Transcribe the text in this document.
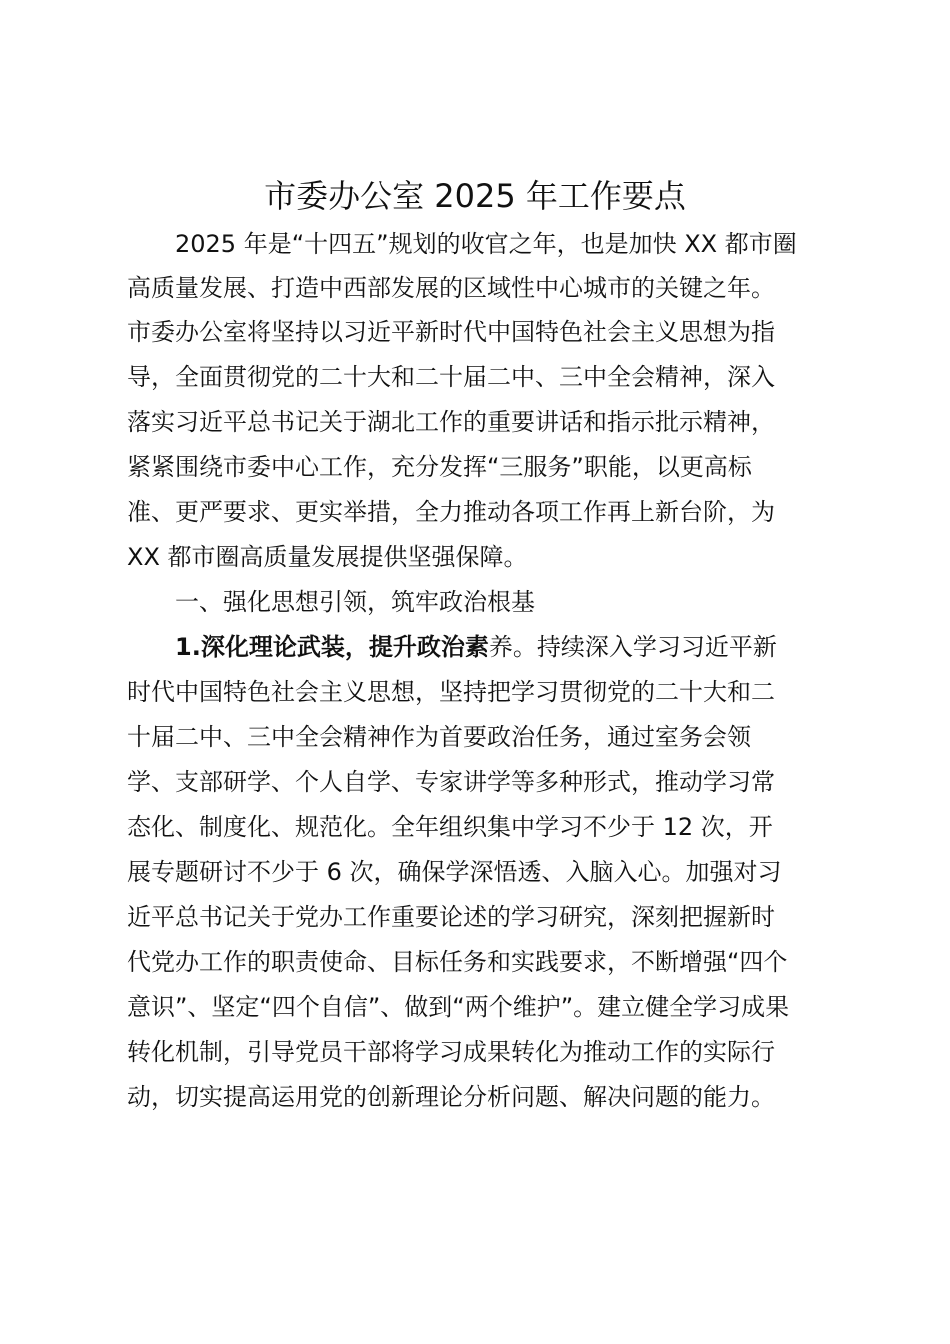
市委办公室 2025 年工作要点

2025 年是“十四五”规划的收官之年，也是加快 XX 都市圈

高质量发展、打造中西部发展的区域性中心城市的关键之年。

市委办公室将坚持以习近平新时代中国特色社会主义思想为指

导，全面贯彻党的二十大和二十届二中、三中全会精神，深入

落实习近平总书记关于湖北工作的重要讲话和指示批示精神，

紧紧围绕市委中心工作，充分发挥“三服务”职能，以更高标

准、更严要求、更实举措，全力推动各项工作再上新台阶，为

XX 都市圈高质量发展提供坚强保障。

一、强化思想引领，筑牢政治根基

1.深化理论武装，提升政治素养。持续深入学习习近平新

时代中国特色社会主义思想，坚持把学习贯彻党的二十大和二

十届二中、三中全会精神作为首要政治任务，通过室务会领

学、支部研学、个人自学、专家讲学等多种形式，推动学习常

态化、制度化、规范化。全年组织集中学习不少于 12 次，开

展专题研讨不少于 6 次，确保学深悟透、入脑入心。加强对习

近平总书记关于党办工作重要论述的学习研究，深刻把握新时

代党办工作的职责使命、目标任务和实践要求，不断增强“四个

意识”、坚定“四个自信”、做到“两个维护”。建立健全学习成果

转化机制，引导党员干部将学习成果转化为推动工作的实际行

动，切实提高运用党的创新理论分析问题、解决问题的能力。
